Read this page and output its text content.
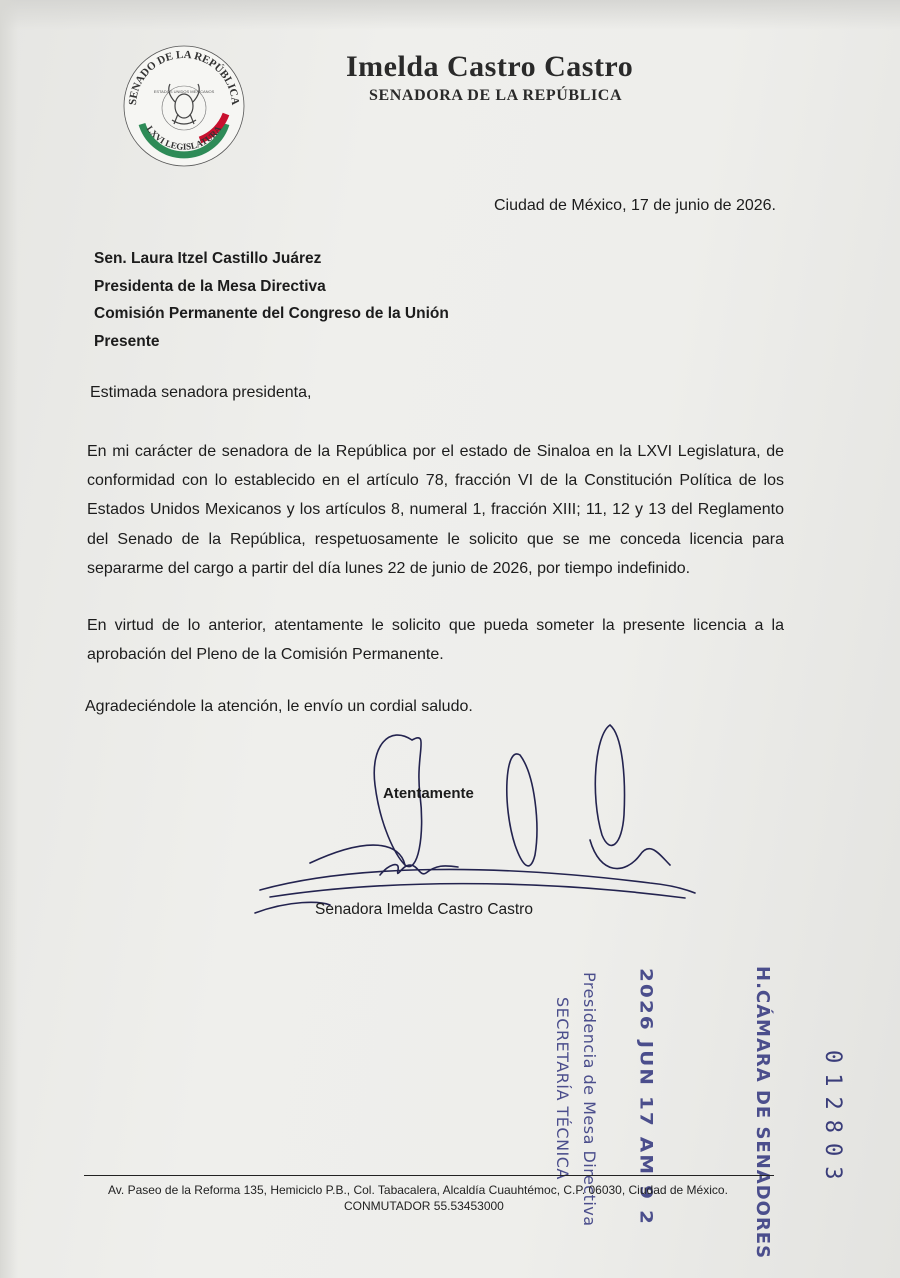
SENADO DE LA REPÚBLICA
LXVI LEGISLATURA
ESTADOS UNIDOS MEXICANOS
Imelda Castro Castro
SENADORA DE LA REPÚBLICA
Ciudad de México, 17 de junio de 2026.
Sen. Laura Itzel Castillo Juárez
Presidenta de la Mesa Directiva
Comisión Permanente del Congreso de la Unión
Presente
Estimada senadora presidenta,
En mi carácter de senadora de la República por el estado de Sinaloa en la LXVI Legislatura, de conformidad con lo establecido en el artículo 78, fracción VI de la Constitución Política de los Estados Unidos Mexicanos y los artículos 8, numeral 1, fracción XIII; 11, 12 y 13 del Reglamento del Senado de la República, respetuosamente le solicito que se me conceda licencia para separarme del cargo a partir del día lunes 22 de junio de 2026, por tiempo indefinido.
En virtud de lo anterior, atentamente le solicito que pueda someter la presente licencia a la aprobación del Pleno de la Comisión Permanente.
Agradeciéndole la atención, le envío un cordial saludo.
Atentamente
Senadora Imelda Castro Castro
012803
H.CÁMARA DE SENADORES
2026 JUN 17 AM 9 2
Presidencia de Mesa Directiva
SECRETARÍA TÉCNICA
Av. Paseo de la Reforma 135, Hemiciclo P.B., Col. Tabacalera, Alcaldía Cuauhtémoc, C.P. 06030, Ciudad de México.
CONMUTADOR 55.53453000
